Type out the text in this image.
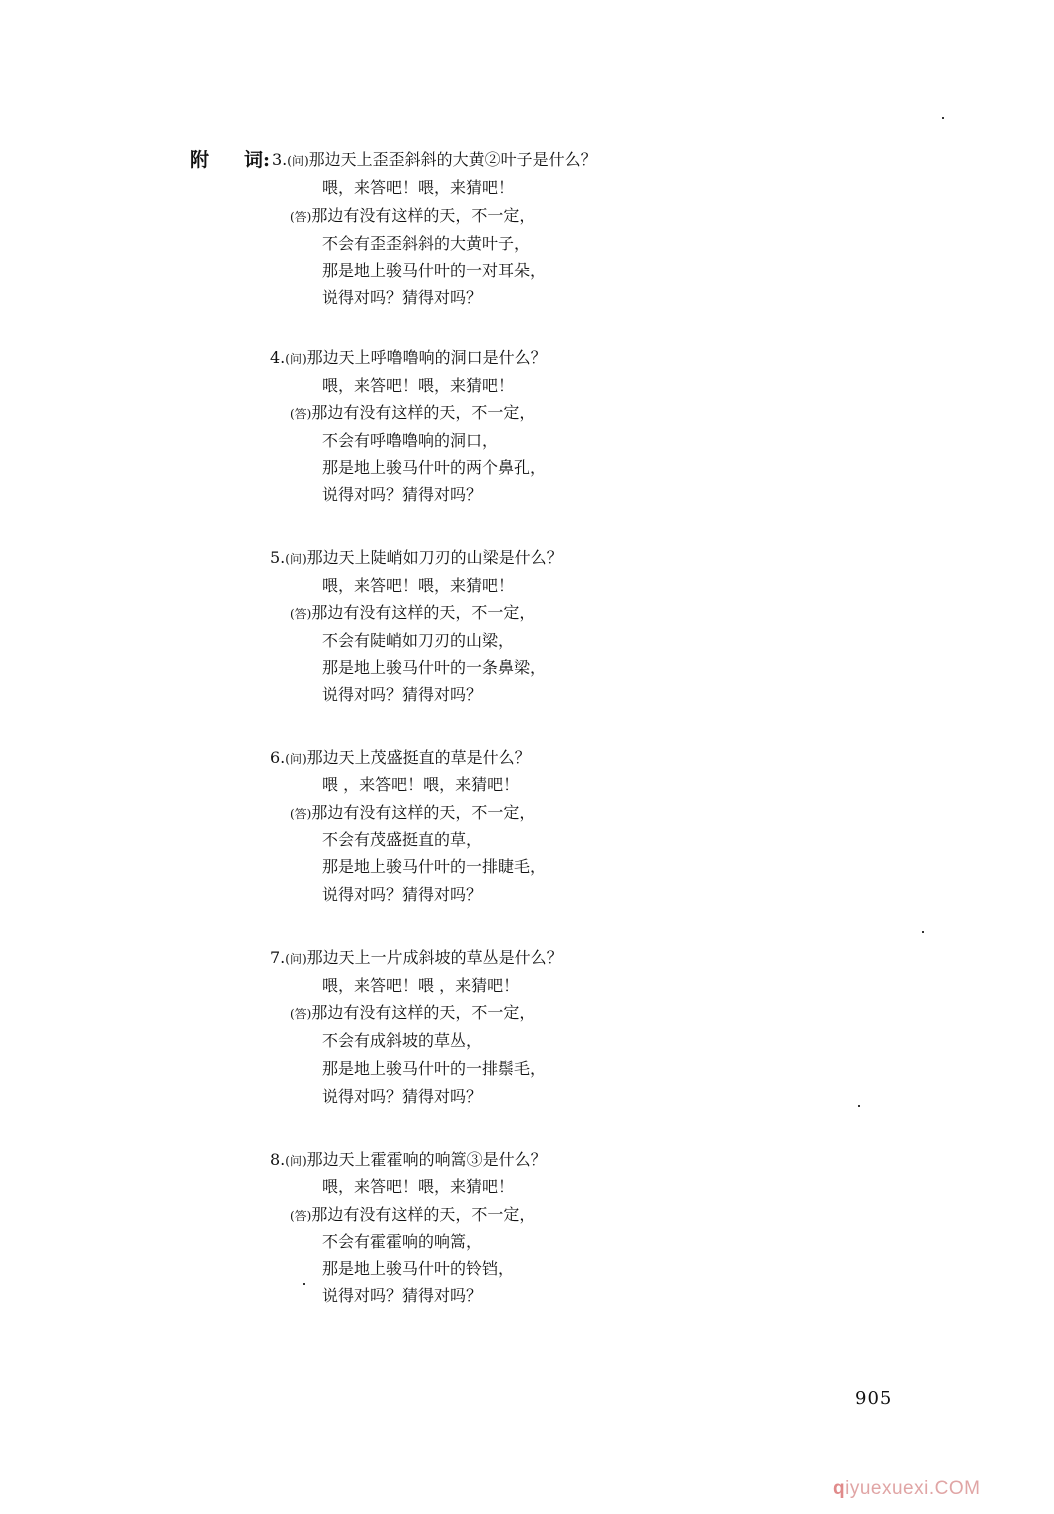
附 词: 3.(问)那边天上歪歪斜斜的大黄②叶子是什么？
喂，来答吧！喂，来猜吧！
(答)那边有没有这样的天，不一定，
不会有歪歪斜斜的大黄叶子，
那是地上骏马什叶的一对耳朵，
说得对吗？猜得对吗？
4.(问)那边天上呼噜噜响的洞口是什么？
喂，来答吧！喂，来猜吧！
(答)那边有没有这样的天，不一定，
不会有呼噜噜响的洞口，
那是地上骏马什叶的两个鼻孔，
说得对吗？猜得对吗？
5.(问)那边天上陡峭如刀刃的山梁是什么？
喂，来答吧！喂，来猜吧！
(答)那边有没有这样的天，不一定，
不会有陡峭如刀刃的山梁，
那是地上骏马什叶的一条鼻梁，
说得对吗？猜得对吗？
6.(问)那边天上茂盛挺直的草是什么？
喂 ，来答吧！喂，来猜吧！
(答)那边有没有这样的天，不一定，
不会有茂盛挺直的草，
那是地上骏马什叶的一排睫毛，
说得对吗？猜得对吗？
7.(问)那边天上一片成斜坡的草丛是什么？
喂，来答吧！喂 ，来猜吧！
(答)那边有没有这样的天，不一定，
不会有成斜坡的草丛，
那是地上骏马什叶的一排鬃毛，
说得对吗？猜得对吗？
8.(问)那边天上霍霍响的响篙③是什么？
喂，来答吧！喂，来猜吧！
(答)那边有没有这样的天，不一定，
不会有霍霍响的响篙，
那是地上骏马什叶的铃铛，
说得对吗？猜得对吗？
905
qiyuexuexi.COM
